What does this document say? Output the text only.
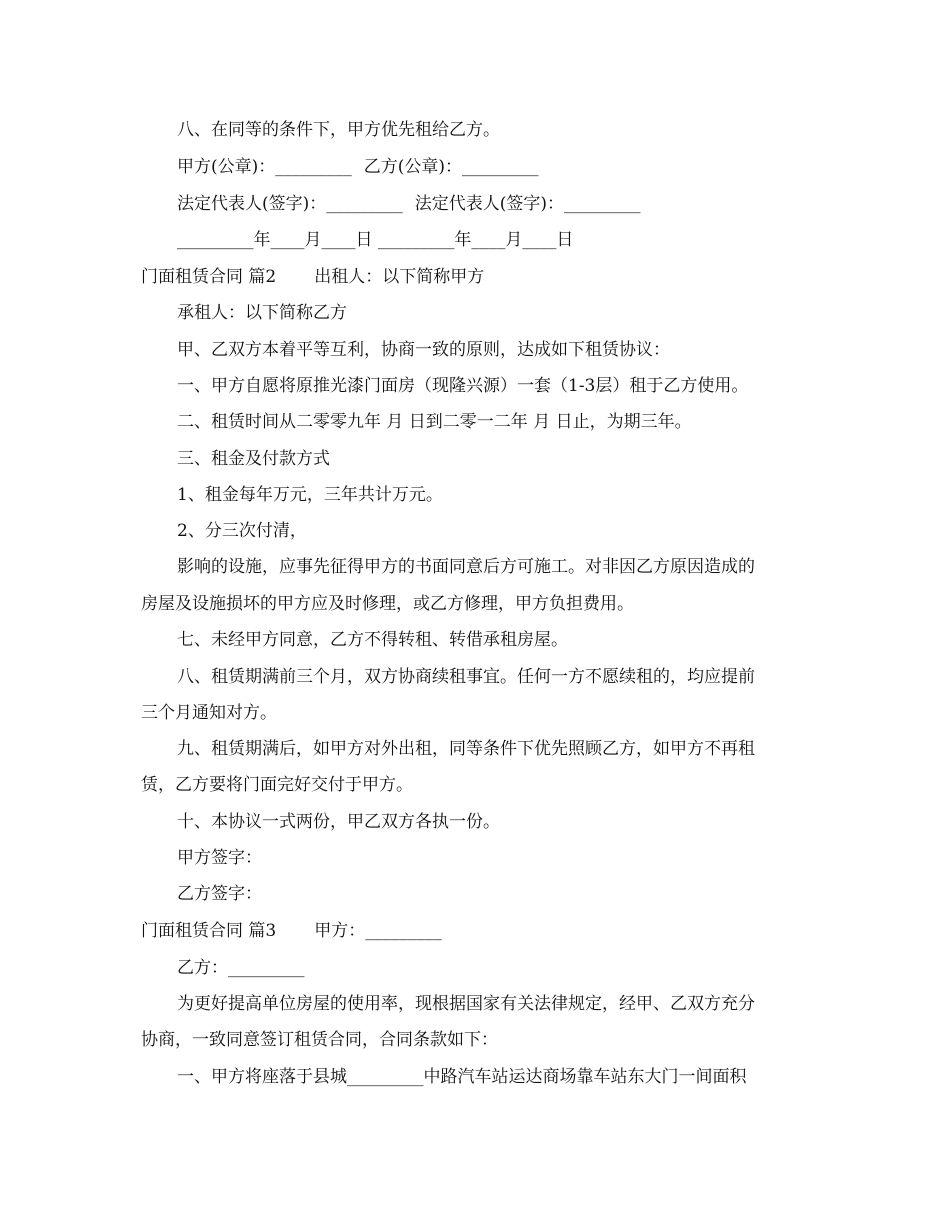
八、在同等的条件下，甲方优先租给乙方。
甲方(公章)：_________ 乙方(公章)：_________
法定代表人(签字)：_________ 法定代表人(签字)：_________
_________年____月____日 _________年____月____日
门面租赁合同 篇2 出租人：以下简称甲方
承租人：以下简称乙方
甲、乙双方本着平等互利，协商一致的原则，达成如下租赁协议：
一、甲方自愿将原推光漆门面房（现隆兴源）一套（1-3层）租于乙方使用。
二、租赁时间从二零零九年 月 日到二零一二年 月 日止，为期三年。
三、租金及付款方式
1、租金每年万元，三年共计万元。
2、分三次付清，
影响的设施，应事先征得甲方的书面同意后方可施工。对非因乙方原因造成的
房屋及设施损坏的甲方应及时修理，或乙方修理，甲方负担费用。
七、未经甲方同意，乙方不得转租、转借承租房屋。
八、租赁期满前三个月，双方协商续租事宜。任何一方不愿续租的，均应提前
三个月通知对方。
九、租赁期满后，如甲方对外出租，同等条件下优先照顾乙方，如甲方不再租
赁，乙方要将门面完好交付于甲方。
十、本协议一式两份，甲乙双方各执一份。
甲方签字：
乙方签字：
门面租赁合同 篇3 甲方：_________
乙方：_________
为更好提高单位房屋的使用率，现根据国家有关法律规定，经甲、乙双方充分
协商，一致同意签订租赁合同，合同条款如下：
一、甲方将座落于县城_________中路汽车站运达商场靠车站东大门一间面积
